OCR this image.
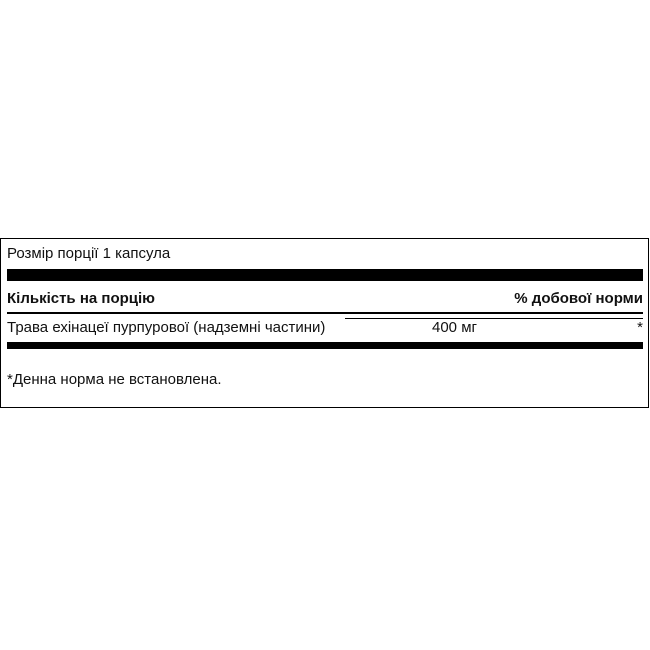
Розмір порції 1 капсула
Кількість на порцію	% добової норми
Трава ехінацеї пурпурової (надземні частини)	400 мг	*
*Денна норма не встановлена.
